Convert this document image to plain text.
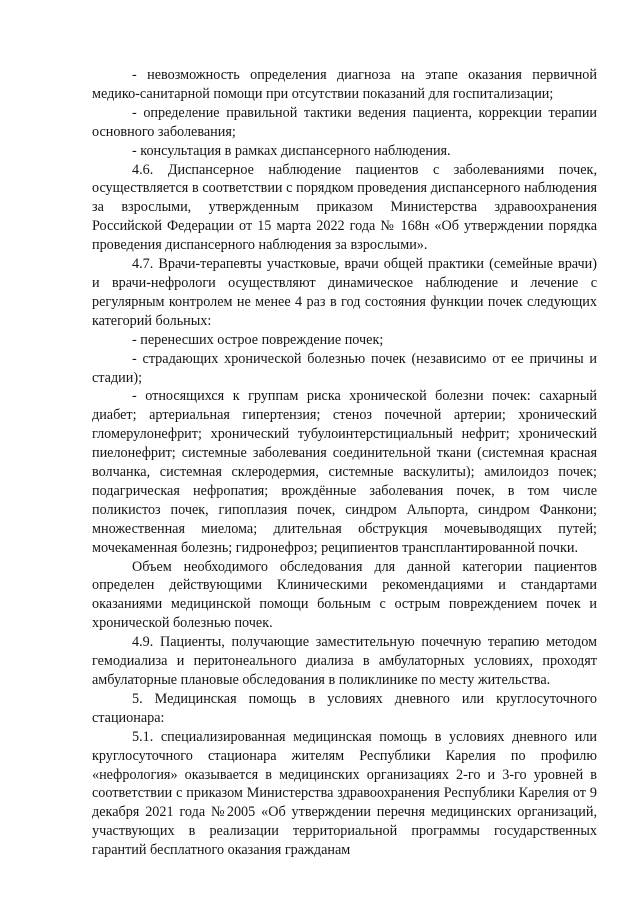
- невозможность определения диагноза на этапе оказания первичной медико-санитарной помощи при отсутствии показаний для госпитализации;

- определение правильной тактики ведения пациента, коррекции терапии основного заболевания;

- консультация в рамках диспансерного наблюдения.

4.6. Диспансерное наблюдение пациентов с заболеваниями почек, осуществляется в соответствии с порядком проведения диспансерного наблюдения за взрослыми, утвержденным приказом Министерства здравоохранения Российской Федерации от 15 марта 2022 года № 168н «Об утверждении порядка проведения диспансерного наблюдения за взрослыми».

4.7. Врачи-терапевты участковые, врачи общей практики (семейные врачи) и врачи-нефрологи осуществляют динамическое наблюдение и лечение с регулярным контролем не менее 4 раз в год состояния функции почек следующих категорий больных:

- перенесших острое повреждение почек;

- страдающих хронической болезнью почек (независимо от ее причины и стадии);

- относящихся к группам риска хронической болезни почек: сахарный диабет; артериальная гипертензия; стеноз почечной артерии; хронический гломерулонефрит; хронический тубулоинтерстициальный нефрит; хронический пиелонефрит; системные заболевания соединительной ткани (системная красная волчанка, системная склеродермия, системные васкулиты); амилоидоз почек; подагрическая нефропатия; врождённые заболевания почек, в том числе поликистоз почек, гипоплазия почек, синдром Альпорта, синдром Фанкони; множественная миелома; длительная обструкция мочевыводящих путей; мочекаменная болезнь; гидронефроз; реципиентов трансплантированной почки.

Объем необходимого обследования для данной категории пациентов определен действующими Клиническими рекомендациями и стандартами оказаниями медицинской помощи больным с острым повреждением почек и хронической болезнью почек.

4.9. Пациенты, получающие заместительную почечную терапию методом гемодиализа и перитонеального диализа в амбулаторных условиях, проходят амбулаторные плановые обследования в поликлинике по месту жительства.

5. Медицинская помощь в условиях дневного или круглосуточного стационара:

5.1. специализированная медицинская помощь в условиях дневного или круглосуточного стационара жителям Республики Карелия по профилю «нефрология» оказывается в медицинских организациях 2-го и 3-го уровней в соответствии с приказом Министерства здравоохранения Республики Карелия от 9 декабря 2021 года №2005 «Об утверждении перечня медицинских организаций, участвующих в реализации территориальной программы государственных гарантий бесплатного оказания гражданам
